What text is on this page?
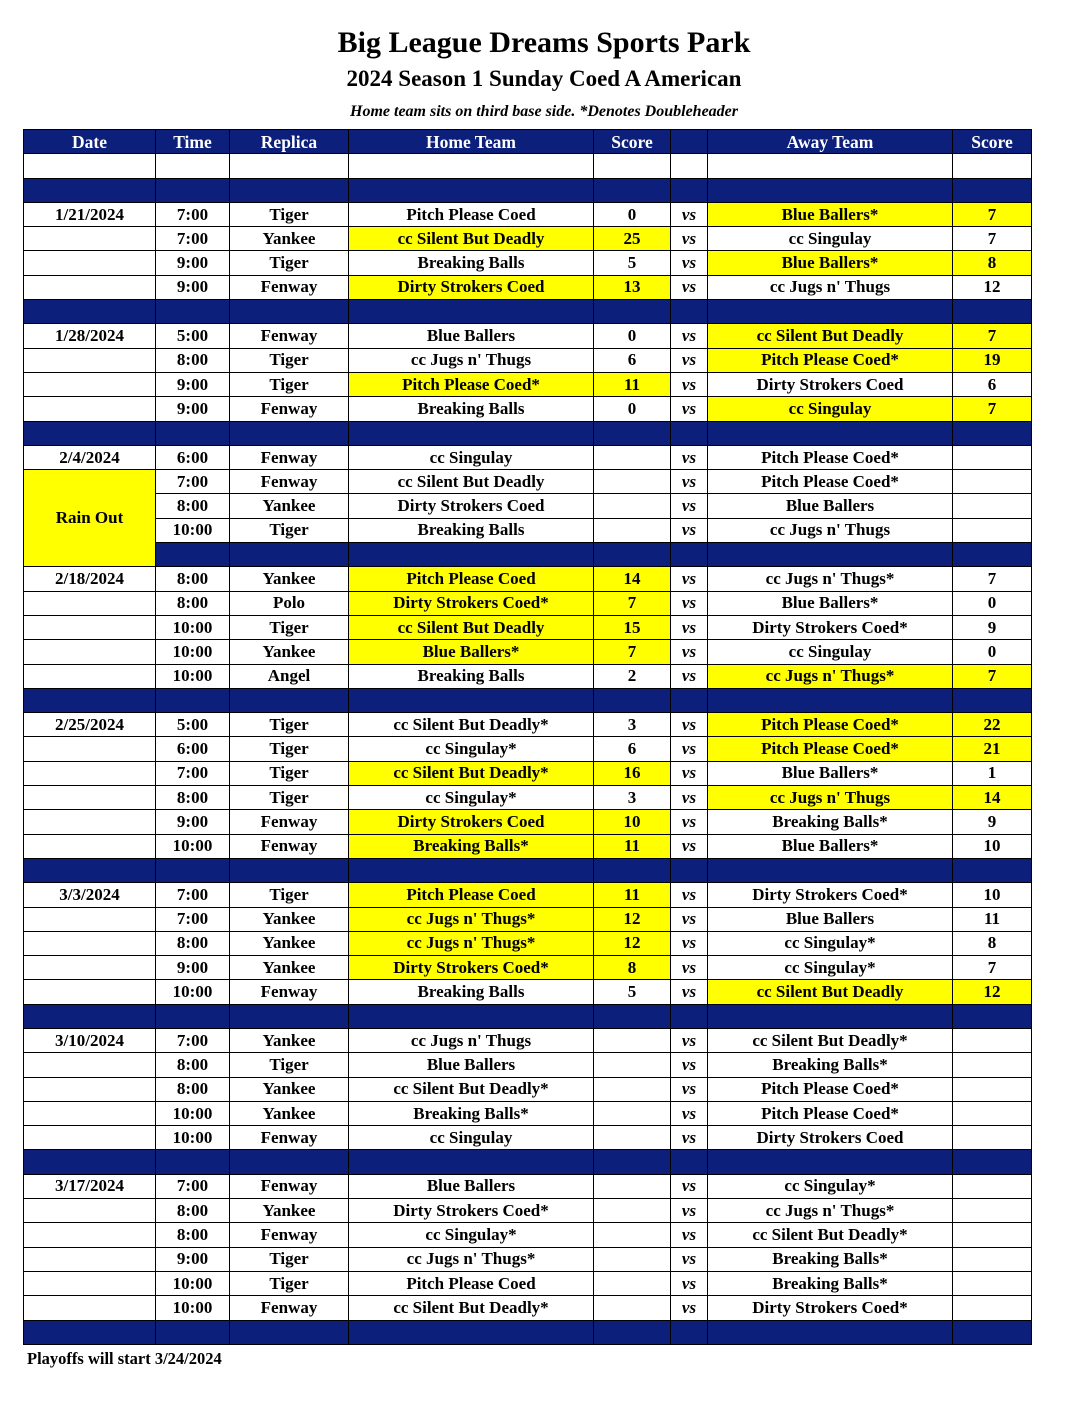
Big League Dreams Sports Park
2024 Season 1 Sunday Coed A American
Home team sits on third base side. *Denotes Doubleheader
Date	Time	Replica	Home Team	Score		Away Team	Score	

1/21/2024	7:00	Tiger	Pitch Please Coed	0	vs	Blue Ballers*	7	
	7:00	Yankee	cc Silent But Deadly	25	vs	cc Singulay	7	
	9:00	Tiger	Breaking Balls	5	vs	Blue Ballers*	8	
	9:00	Fenway	Dirty Strokers Coed	13	vs	cc Jugs n' Thugs	12	

1/28/2024	5:00	Fenway	Blue Ballers	0	vs	cc Silent But Deadly	7	
	8:00	Tiger	cc Jugs n' Thugs	6	vs	Pitch Please Coed*	19	
	9:00	Tiger	Pitch Please Coed*	11	vs	Dirty Strokers Coed	6	
	9:00	Fenway	Breaking Balls	0	vs	cc Singulay	7	

2/4/2024	6:00	Fenway	cc Singulay		vs	Pitch Please Coed*		
Rain Out	7:00	Fenway	cc Silent But Deadly		vs	Pitch Please Coed*		
	8:00	Yankee	Dirty Strokers Coed		vs	Blue Ballers		
	10:00	Tiger	Breaking Balls		vs	cc Jugs n' Thugs		

2/18/2024	8:00	Yankee	Pitch Please Coed	14	vs	cc Jugs n' Thugs*	7	
	8:00	Polo	Dirty Strokers Coed*	7	vs	Blue Ballers*	0	
	10:00	Tiger	cc Silent But Deadly	15	vs	Dirty Strokers Coed*	9	
	10:00	Yankee	Blue Ballers*	7	vs	cc Singulay	0	
	10:00	Angel	Breaking Balls	2	vs	cc Jugs n' Thugs*	7	

2/25/2024	5:00	Tiger	cc Silent But Deadly*	3	vs	Pitch Please Coed*	22	
	6:00	Tiger	cc Singulay*	6	vs	Pitch Please Coed*	21	
	7:00	Tiger	cc Silent But Deadly*	16	vs	Blue Ballers*	1	
	8:00	Tiger	cc Singulay*	3	vs	cc Jugs n' Thugs	14	
	9:00	Fenway	Dirty Strokers Coed	10	vs	Breaking Balls*	9	
	10:00	Fenway	Breaking Balls*	11	vs	Blue Ballers*	10	

3/3/2024	7:00	Tiger	Pitch Please Coed	11	vs	Dirty Strokers Coed*	10	
	7:00	Yankee	cc Jugs n' Thugs*	12	vs	Blue Ballers	11	
	8:00	Yankee	cc Jugs n' Thugs*	12	vs	cc Singulay*	8	
	9:00	Yankee	Dirty Strokers Coed*	8	vs	cc Singulay*	7	
	10:00	Fenway	Breaking Balls	5	vs	cc Silent But Deadly	12	

3/10/2024	7:00	Yankee	cc Jugs n' Thugs		vs	cc Silent But Deadly*		
	8:00	Tiger	Blue Ballers		vs	Breaking Balls*		
	8:00	Yankee	cc Silent But Deadly*		vs	Pitch Please Coed*		
	10:00	Yankee	Breaking Balls*		vs	Pitch Please Coed*		
	10:00	Fenway	cc Singulay		vs	Dirty Strokers Coed		

3/17/2024	7:00	Fenway	Blue Ballers		vs	cc Singulay*		
	8:00	Yankee	Dirty Strokers Coed*		vs	cc Jugs n' Thugs*		
	8:00	Fenway	cc Singulay*		vs	cc Silent But Deadly*		
	9:00	Tiger	cc Jugs n' Thugs*		vs	Breaking Balls*		
	10:00	Tiger	Pitch Please Coed		vs	Breaking Balls*		
	10:00	Fenway	cc Silent But Deadly*		vs	Dirty Strokers Coed*		

Playoffs will start 3/24/2024
